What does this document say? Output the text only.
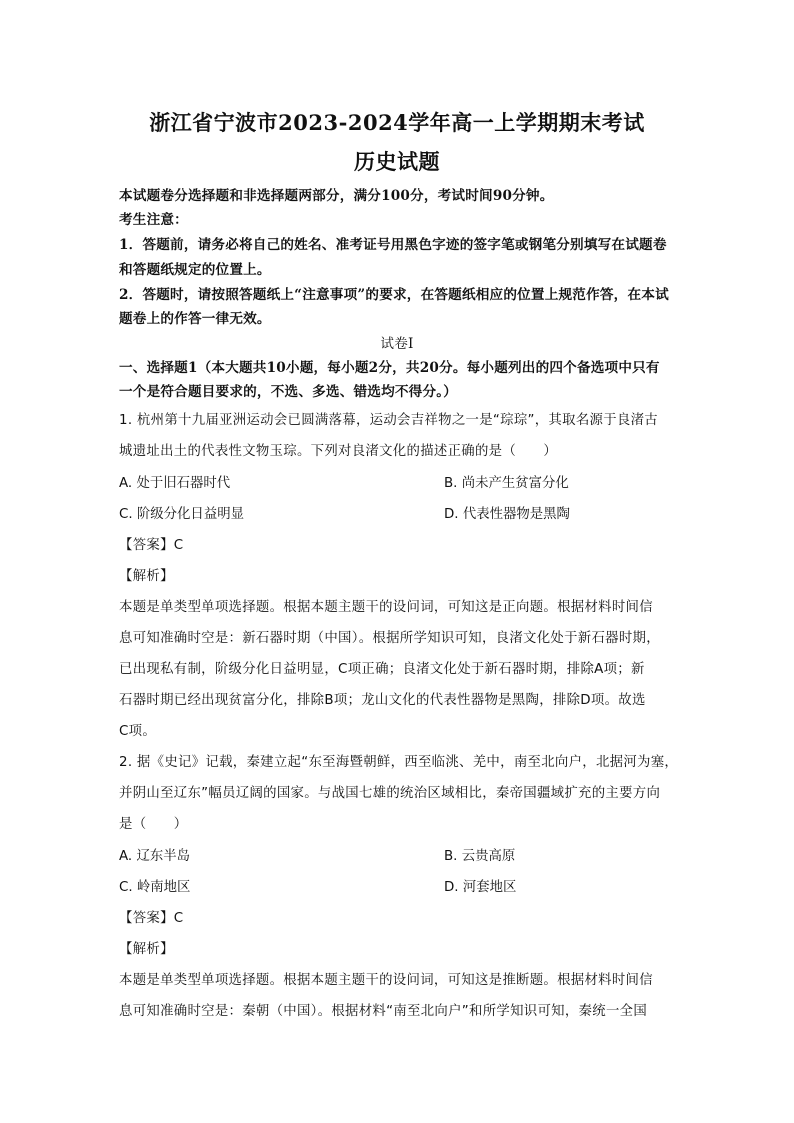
浙江省宁波市2023-2024学年高一上学期期末考试
历史试题
本试题卷分选择题和非选择题两部分，满分100分，考试时间90分钟。
考生注意：
1．答题前，请务必将自己的姓名、准考证号用黑色字迹的签字笔或钢笔分别填写在试题卷
和答题纸规定的位置上。
2．答题时，请按照答题纸上“注意事项”的要求，在答题纸相应的位置上规范作答，在本试
题卷上的作答一律无效。
试卷Ⅰ
一、选择题1（本大题共10小题，每小题2分，共20分。每小题列出的四个备选项中只有
一个是符合题目要求的，不选、多选、错选均不得分。）
1. 杭州第十九届亚洲运动会已圆满落幕，运动会吉祥物之一是“琮琮”，其取名源于良渚古
城遗址出土的代表性文物玉琮。下列对良渚文化的描述正确的是（　　）
A. 处于旧石器时代	B. 尚未产生贫富分化
C. 阶级分化日益明显	D. 代表性器物是黑陶
【答案】C
【解析】
本题是单类型单项选择题。根据本题主题干的设问词，可知这是正向题。根据材料时间信
息可知准确时空是：新石器时期（中国）。根据所学知识可知，良渚文化处于新石器时期，
已出现私有制，阶级分化日益明显，C项正确；良渚文化处于新石器时期，排除A项；新
石器时期已经出现贫富分化，排除B项；龙山文化的代表性器物是黑陶，排除D项。故选
C项。
2. 据《史记》记载，秦建立起“东至海暨朝鲜，西至临洮、羌中，南至北向户，北据河为塞，
并阴山至辽东”幅员辽阔的国家。与战国七雄的统治区域相比，秦帝国疆域扩充的主要方向
是（　　）
A. 辽东半岛	B. 云贵高原
C. 岭南地区	D. 河套地区
【答案】C
【解析】
本题是单类型单项选择题。根据本题主题干的设问词，可知这是推断题。根据材料时间信
息可知准确时空是：秦朝（中国）。根据材料“南至北向户”和所学知识可知，秦统一全国
